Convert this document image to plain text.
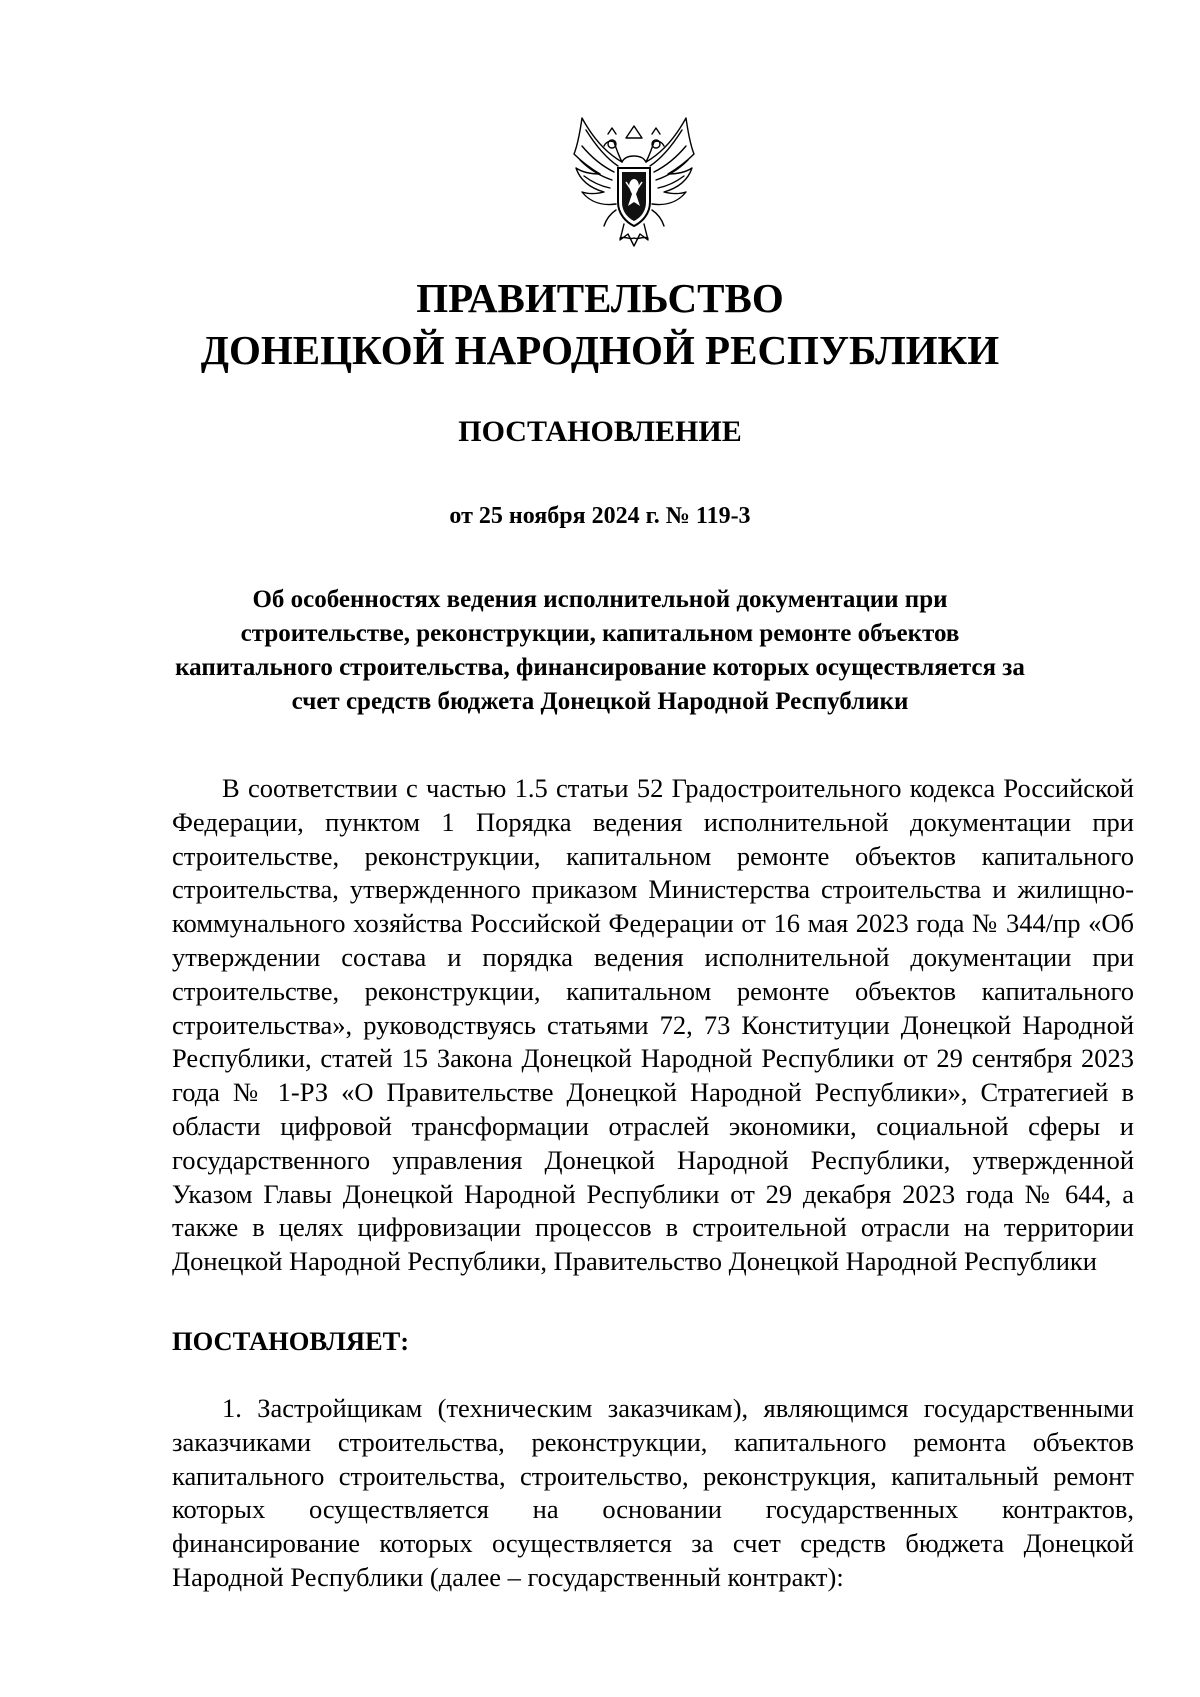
ПРАВИТЕЛЬСТВО
ДОНЕЦКОЙ НАРОДНОЙ РЕСПУБЛИКИ
ПОСТАНОВЛЕНИЕ
от 25 ноября 2024 г. № 119-3
Об особенностях ведения исполнительной документации при
строительстве, реконструкции, капитальном ремонте объектов
капитального строительства, финансирование которых осуществляется за
счет средств бюджета Донецкой Народной Республики

В соответствии с частью 1.5 статьи 52 Градостроительного кодекса Российской Федерации, пунктом 1 Порядка ведения исполнительной документации при строительстве, реконструкции, капитальном ремонте объектов капитального строительства, утвержденного приказом Министерства строительства и жилищно-коммунального хозяйства Российской Федерации от 16 мая 2023 года № 344/пр «Об утверждении состава и порядка ведения исполнительной документации при строительстве, реконструкции, капитальном ремонте объектов капитального строительства», руководствуясь статьями 72, 73 Конституции Донецкой Народной Республики, статей 15 Закона Донецкой Народной Республики от 29 сентября 2023 года № 1-РЗ «О Правительстве Донецкой Народной Республики», Стратегией в области цифровой трансформации отраслей экономики, социальной сферы и государственного управления Донецкой Народной Республики, утвержденной Указом Главы Донецкой Народной Республики от 29 декабря 2023 года № 644, а также в целях цифровизации процессов в строительной отрасли на территории Донецкой Народной Республики, Правительство Донецкой Народной Республики

ПОСТАНОВЛЯЕТ:

1. Застройщикам (техническим заказчикам), являющимся государственными заказчиками строительства, реконструкции, капитального ремонта объектов капитального строительства, строительство, реконструкция, капитальный ремонт которых осуществляется на основании государственных контрактов, финансирование которых осуществляется за счет средств бюджета Донецкой Народной Республики (далее – государственный контракт):
